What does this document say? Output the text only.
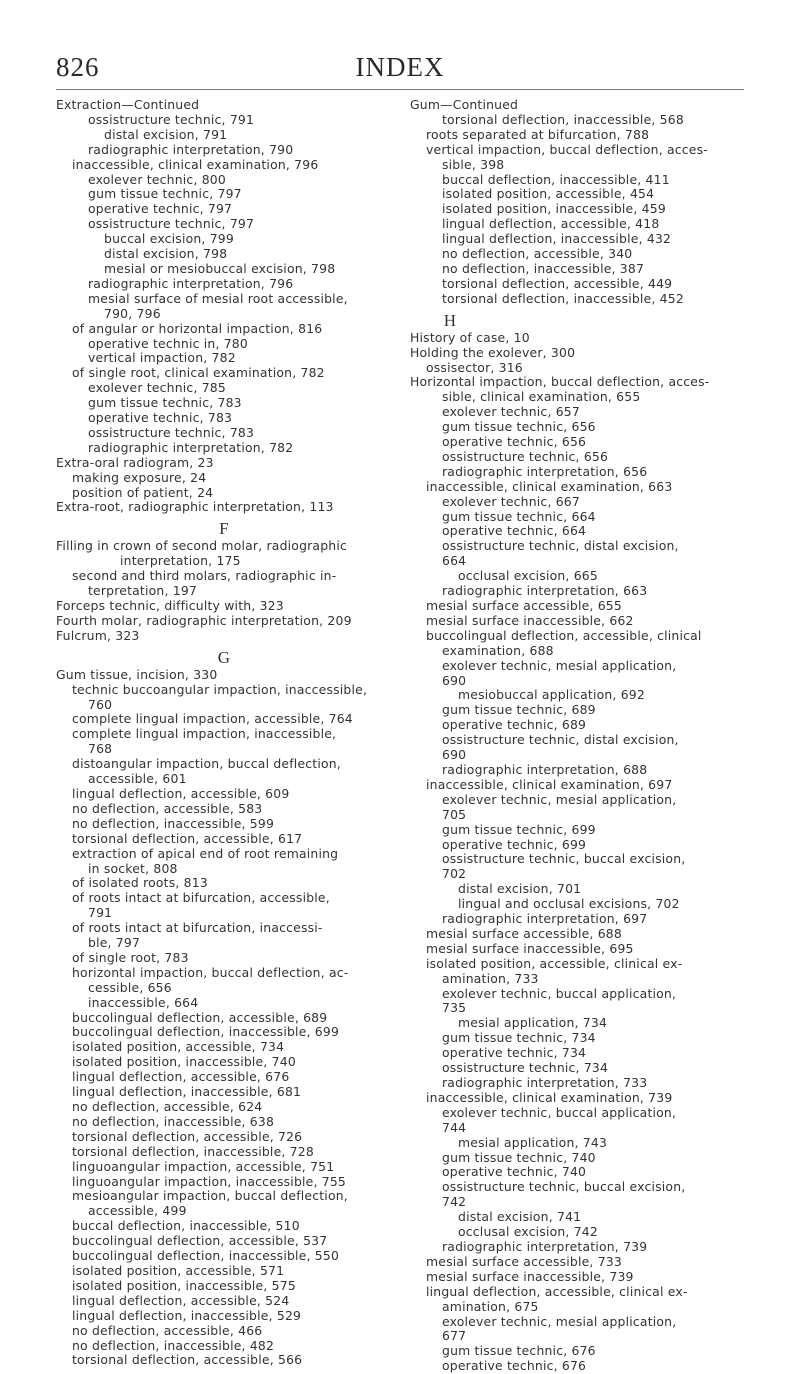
826	INDEX
Extraction—Continued
ossistructure technic, 791
distal excision, 791
radiographic interpretation, 790
inaccessible, clinical examination, 796
exolever technic, 800
gum tissue technic, 797
operative technic, 797
ossistructure technic, 797
buccal excision, 799
distal excision, 798
mesial or mesiobuccal excision, 798
radiographic interpretation, 796
mesial surface of mesial root accessible,
790, 796
of angular or horizontal impaction, 816
operative technic in, 780
vertical impaction, 782
of single root, clinical examination, 782
exolever technic, 785
gum tissue technic, 783
operative technic, 783
ossistructure technic, 783
radiographic interpretation, 782
Extra-oral radiogram, 23
making exposure, 24
position of patient, 24
Extra-root, radiographic interpretation, 113
F
Filling in crown of second molar, radiographic
interpretation, 175
second and third molars, radiographic in-
terpretation, 197
Forceps technic, difficulty with, 323
Fourth molar, radiographic interpretation, 209
Fulcrum, 323
G
Gum tissue, incision, 330
technic buccoangular impaction, inaccessible,
760
complete lingual impaction, accessible, 764
complete lingual impaction, inaccessible,
768
distoangular impaction, buccal deflection,
accessible, 601
lingual deflection, accessible, 609
no deflection, accessible, 583
no deflection, inaccessible, 599
torsional deflection, accessible, 617
extraction of apical end of root remaining
in socket, 808
of isolated roots, 813
of roots intact at bifurcation, accessible,
791
of roots intact at bifurcation, inaccessi-
ble, 797
of single root, 783
horizontal impaction, buccal deflection, ac-
cessible, 656
inaccessible, 664
buccolingual deflection, accessible, 689
buccolingual deflection, inaccessible, 699
isolated position, accessible, 734
isolated position, inaccessible, 740
lingual deflection, accessible, 676
lingual deflection, inaccessible, 681
no deflection, accessible, 624
no deflection, inaccessible, 638
torsional deflection, accessible, 726
torsional deflection, inaccessible, 728
linguoangular impaction, accessible, 751
linguoangular impaction, inaccessible, 755
mesioangular impaction, buccal deflection,
accessible, 499
buccal deflection, inaccessible, 510
buccolingual deflection, accessible, 537
buccolingual deflection, inaccessible, 550
isolated position, accessible, 571
isolated position, inaccessible, 575
lingual deflection, accessible, 524
lingual deflection, inaccessible, 529
no deflection, accessible, 466
no deflection, inaccessible, 482
torsional deflection, accessible, 566
Gum—Continued
torsional deflection, inaccessible, 568
roots separated at bifurcation, 788
vertical impaction, buccal deflection, acces-
sible, 398
buccal deflection, inaccessible, 411
isolated position, accessible, 454
isolated position, inaccessible, 459
lingual deflection, accessible, 418
lingual deflection, inaccessible, 432
no deflection, accessible, 340
no deflection, inaccessible, 387
torsional deflection, accessible, 449
torsional deflection, inaccessible, 452
H
History of case, 10
Holding the exolever, 300
ossisector, 316
Horizontal impaction, buccal deflection, acces-
sible, clinical examination, 655
exolever technic, 657
gum tissue technic, 656
operative technic, 656
ossistructure technic, 656
radiographic interpretation, 656
inaccessible, clinical examination, 663
exolever technic, 667
gum tissue technic, 664
operative technic, 664
ossistructure technic, distal excision,
664
occlusal excision, 665
radiographic interpretation, 663
mesial surface accessible, 655
mesial surface inaccessible, 662
buccolingual deflection, accessible, clinical
examination, 688
exolever technic, mesial application,
690
mesiobuccal application, 692
gum tissue technic, 689
operative technic, 689
ossistructure technic, distal excision,
690
radiographic interpretation, 688
inaccessible, clinical examination, 697
exolever technic, mesial application,
705
gum tissue technic, 699
operative technic, 699
ossistructure technic, buccal excision,
702
distal excision, 701
lingual and occlusal excisions, 702
radiographic interpretation, 697
mesial surface accessible, 688
mesial surface inaccessible, 695
isolated position, accessible, clinical ex-
amination, 733
exolever technic, buccal application,
735
mesial application, 734
gum tissue technic, 734
operative technic, 734
ossistructure technic, 734
radiographic interpretation, 733
inaccessible, clinical examination, 739
exolever technic, buccal application,
744
mesial application, 743
gum tissue technic, 740
operative technic, 740
ossistructure technic, buccal excision,
742
distal excision, 741
occlusal excision, 742
radiographic interpretation, 739
mesial surface accessible, 733
mesial surface inaccessible, 739
lingual deflection, accessible, clinical ex-
amination, 675
exolever technic, mesial application,
677
gum tissue technic, 676
operative technic, 676
